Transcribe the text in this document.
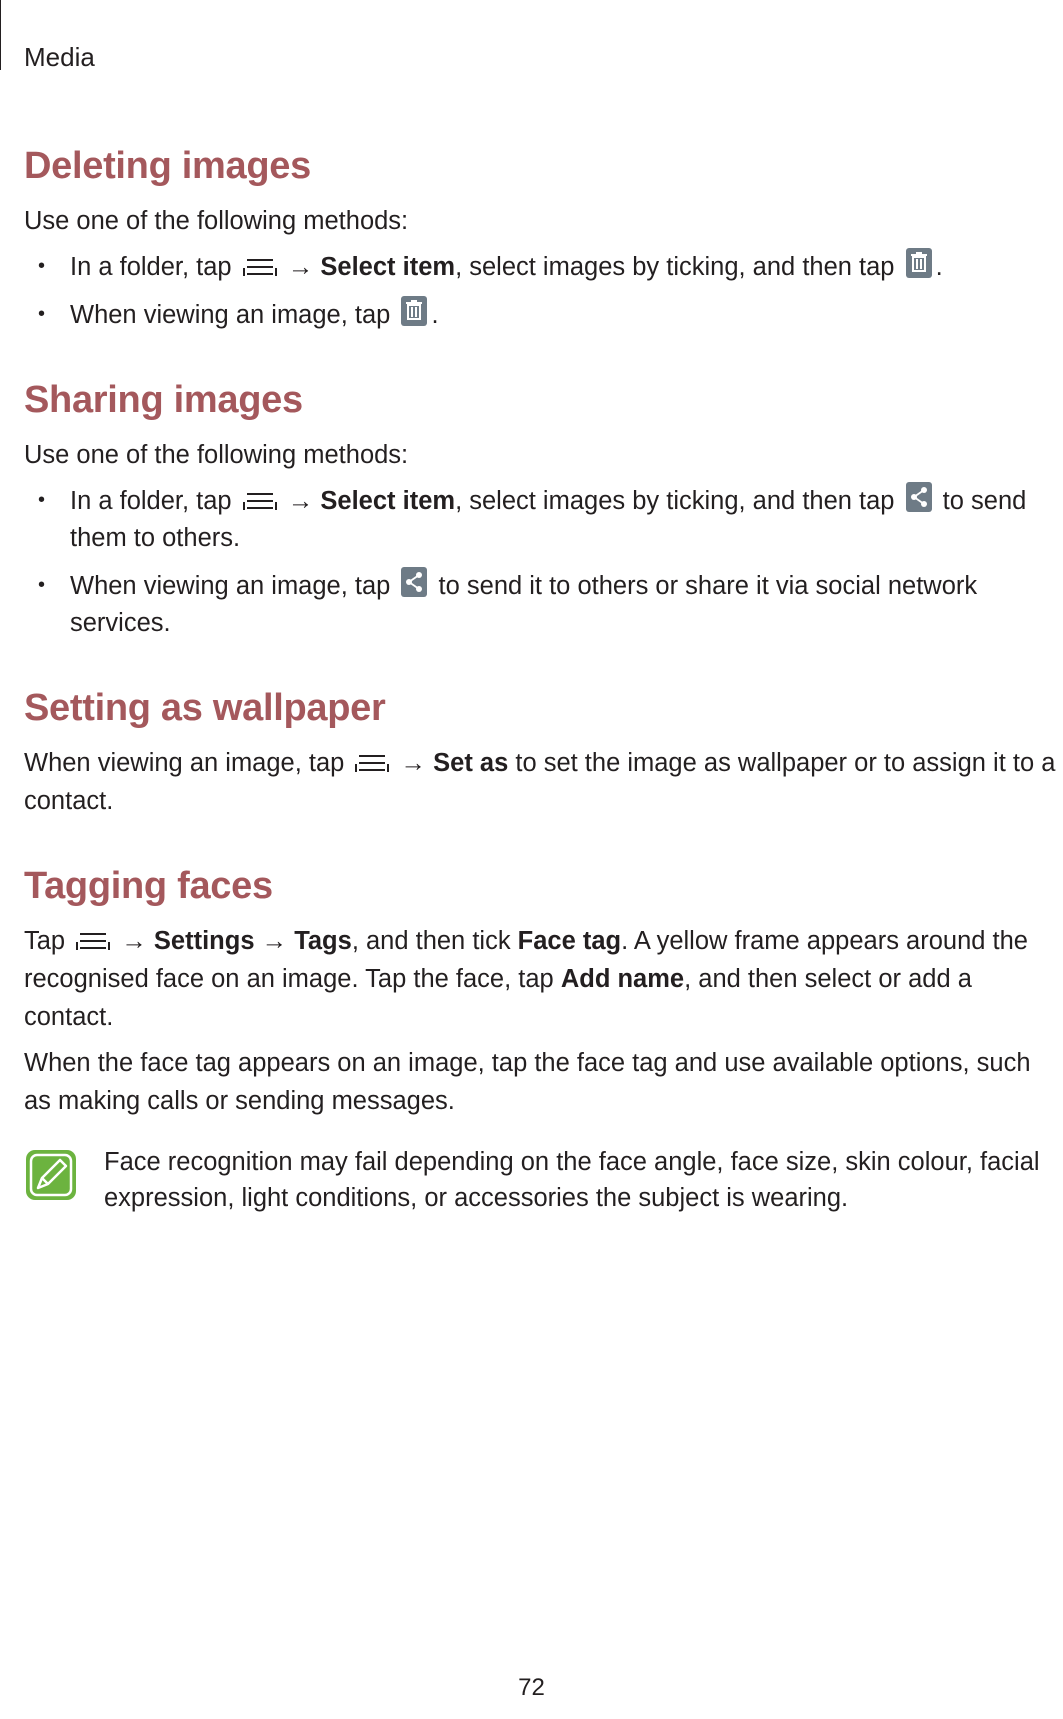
Media
Deleting images

Use one of the following methods:

• In a folder, tap → Select item, select images by ticking, and then tap .
• When viewing an image, tap .
Sharing images

Use one of the following methods:

• In a folder, tap → Select item, select images by ticking, and then tap to send them to others.
• When viewing an image, tap to send it to others or share it via social network services.
Setting as wallpaper

When viewing an image, tap → Set as to set the image as wallpaper or to assign it to a contact.

Tagging faces

Tap → Settings → Tags, and then tick Face tag. A yellow frame appears around the recognised face on an image. Tap the face, tap Add name, and then select or add a contact.

When the face tag appears on an image, tap the face tag and use available options, such as making calls or sending messages.

Face recognition may fail depending on the face angle, face size, skin colour, facial expression, light conditions, or accessories the subject is wearing.

72
